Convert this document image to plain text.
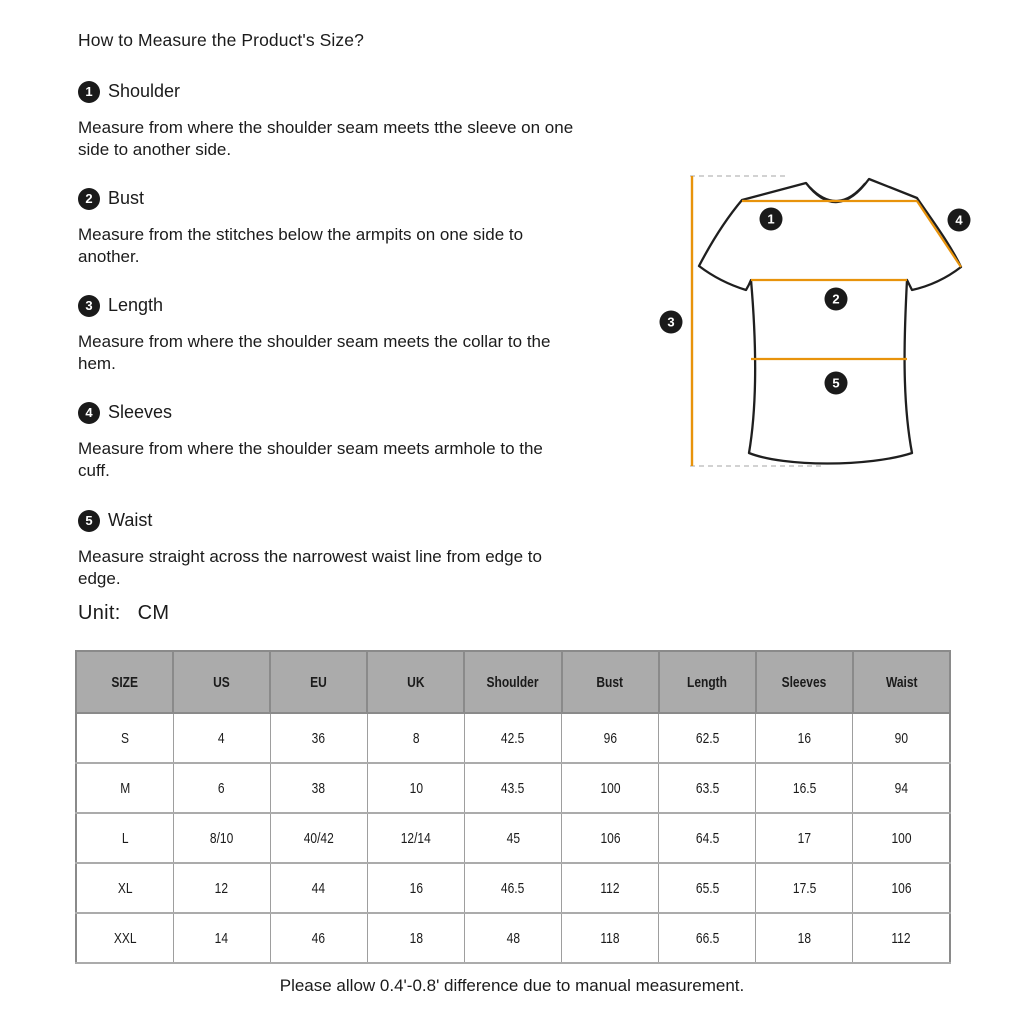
How to Measure the Product's Size?
1 Shoulder

Measure from where the shoulder seam meets tthe sleeve on one
side to another side.

2 Bust

Measure from the stitches below the armpits on one side to
another.

3 Length

Measure from where the shoulder seam meets the collar to the
hem.

4 Sleeves

Measure from where the shoulder seam meets armhole to the
cuff.

5 Waist

Measure straight across the narrowest waist line from edge to
edge.

1
2
3
4
5
Unit: CM
SIZE	US	EU	UK	Shoulder	Bust	Length	Sleeves	Waist
S	4	36	8	42.5	96	62.5	16	90
M	6	38	10	43.5	100	63.5	16.5	94
L	8/10	40/42	12/14	45	106	64.5	17	100
XL	12	44	16	46.5	112	65.5	17.5	106
XXL	14	46	18	48	118	66.5	18	112
Please allow 0.4'-0.8' difference due to manual measurement.
